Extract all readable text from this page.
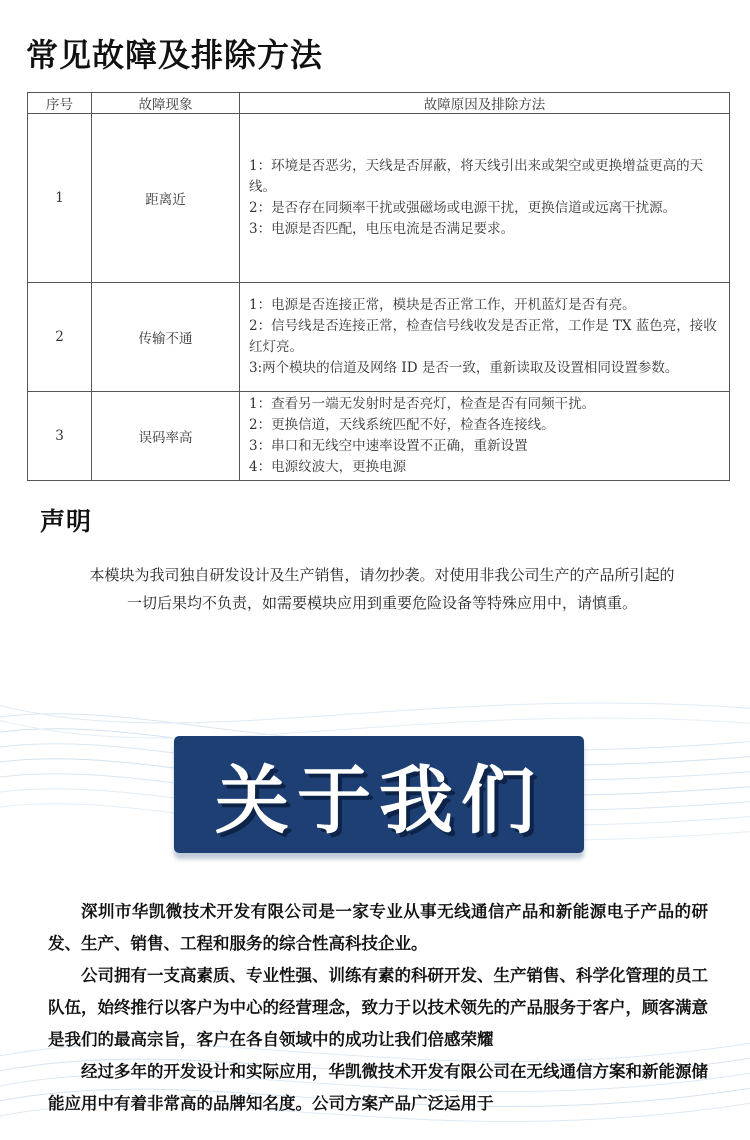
常见故障及排除方法
序号	故障现象	故障原因及排除方法
1	距离近	1：环境是否恶劣，天线是否屏蔽，将天线引出来或架空或更换增益更高的天线。
2：是否存在同频率干扰或强磁场或电源干扰，更换信道或远离干扰源。
3：电源是否匹配，电压电流是否满足要求。

2	传输不通	1：电源是否连接正常，模块是否正常工作，开机蓝灯是否有亮。
2：信号线是否连接正常，检查信号线收发是否正常，工作是 TX 蓝色亮，接收红灯亮。
3:两个模块的信道及网络 ID 是否一致，重新读取及设置相同设置参数。

3	误码率高	1：查看另一端无发射时是否亮灯，检查是否有同频干扰。
2：更换信道，天线系统匹配不好，检查各连接线。
3：串口和无线空中速率设置不正确，重新设置
4：电源纹波大，更换电源
声明
本模块为我司独自研发设计及生产销售，请勿抄袭。对使用非我公司生产的产品所引起的
一切后果均不负责，如需要模块应用到重要危险设备等特殊应用中，请慎重。
关于我们
深圳市华凯微技术开发有限公司是一家专业从事无线通信产品和新能源电子产品的研发、生产、销售、工程和服务的综合性高科技企业。
公司拥有一支高素质、专业性强、训练有素的科研开发、生产销售、科学化管理的员工队伍，始终推行以客户为中心的经营理念，致力于以技术领先的产品服务于客户，顾客满意是我们的最高宗旨，客户在各自领域中的成功让我们倍感荣耀
经过多年的开发设计和实际应用，华凯微技术开发有限公司在无线通信方案和新能源储能应用中有着非常高的品牌知名度。公司方案产品广泛运用于
